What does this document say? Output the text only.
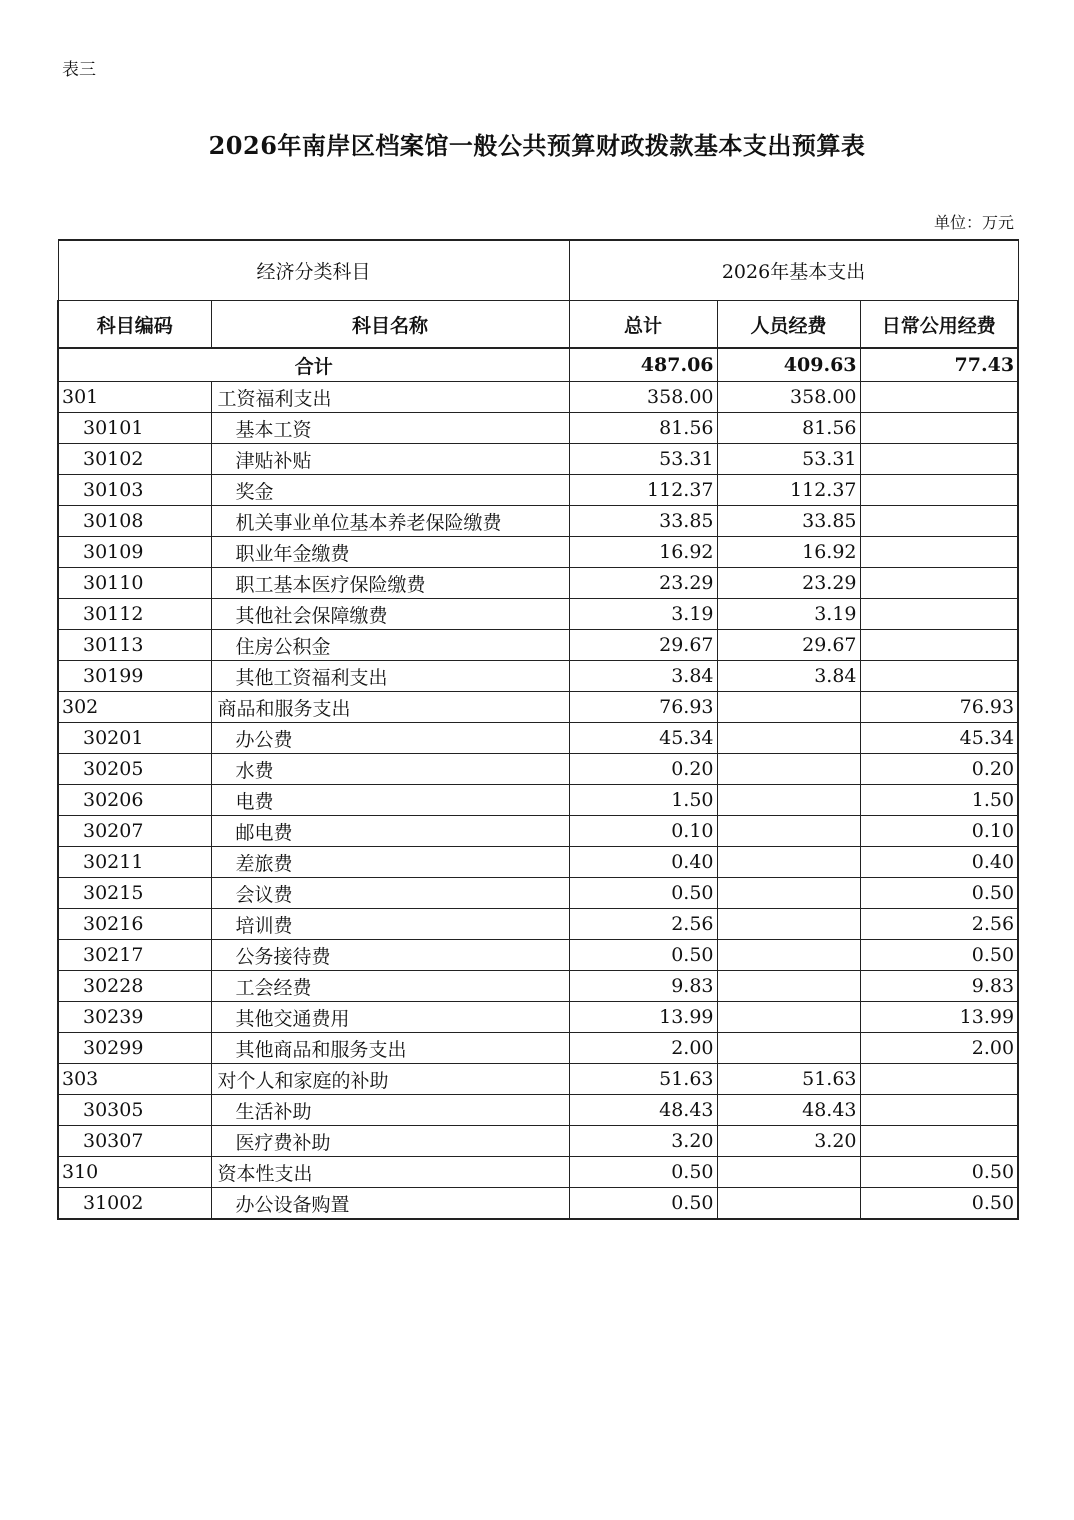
表三
2026年南岸区档案馆一般公共预算财政拨款基本支出预算表
单位：万元
经济分类科目		2026年基本支出		
科目编码	科目名称	总计	人员经费	日常公用经费
合计		487.06	409.63	77.43
301	工资福利支出	358.00	358.00	
30101	基本工资	81.56	81.56	
30102	津贴补贴	53.31	53.31	
30103	奖金	112.37	112.37	
30108	机关事业单位基本养老保险缴费	33.85	33.85	
30109	职业年金缴费	16.92	16.92	
30110	职工基本医疗保险缴费	23.29	23.29	
30112	其他社会保障缴费	3.19	3.19	
30113	住房公积金	29.67	29.67	
30199	其他工资福利支出	3.84	3.84	
302	商品和服务支出	76.93		76.93
30201	办公费	45.34		45.34
30205	水费	0.20		0.20
30206	电费	1.50		1.50
30207	邮电费	0.10		0.10
30211	差旅费	0.40		0.40
30215	会议费	0.50		0.50
30216	培训费	2.56		2.56
30217	公务接待费	0.50		0.50
30228	工会经费	9.83		9.83
30239	其他交通费用	13.99		13.99
30299	其他商品和服务支出	2.00		2.00
303	对个人和家庭的补助	51.63	51.63	
30305	生活补助	48.43	48.43	
30307	医疗费补助	3.20	3.20	
310	资本性支出	0.50		0.50
31002	办公设备购置	0.50		0.50
